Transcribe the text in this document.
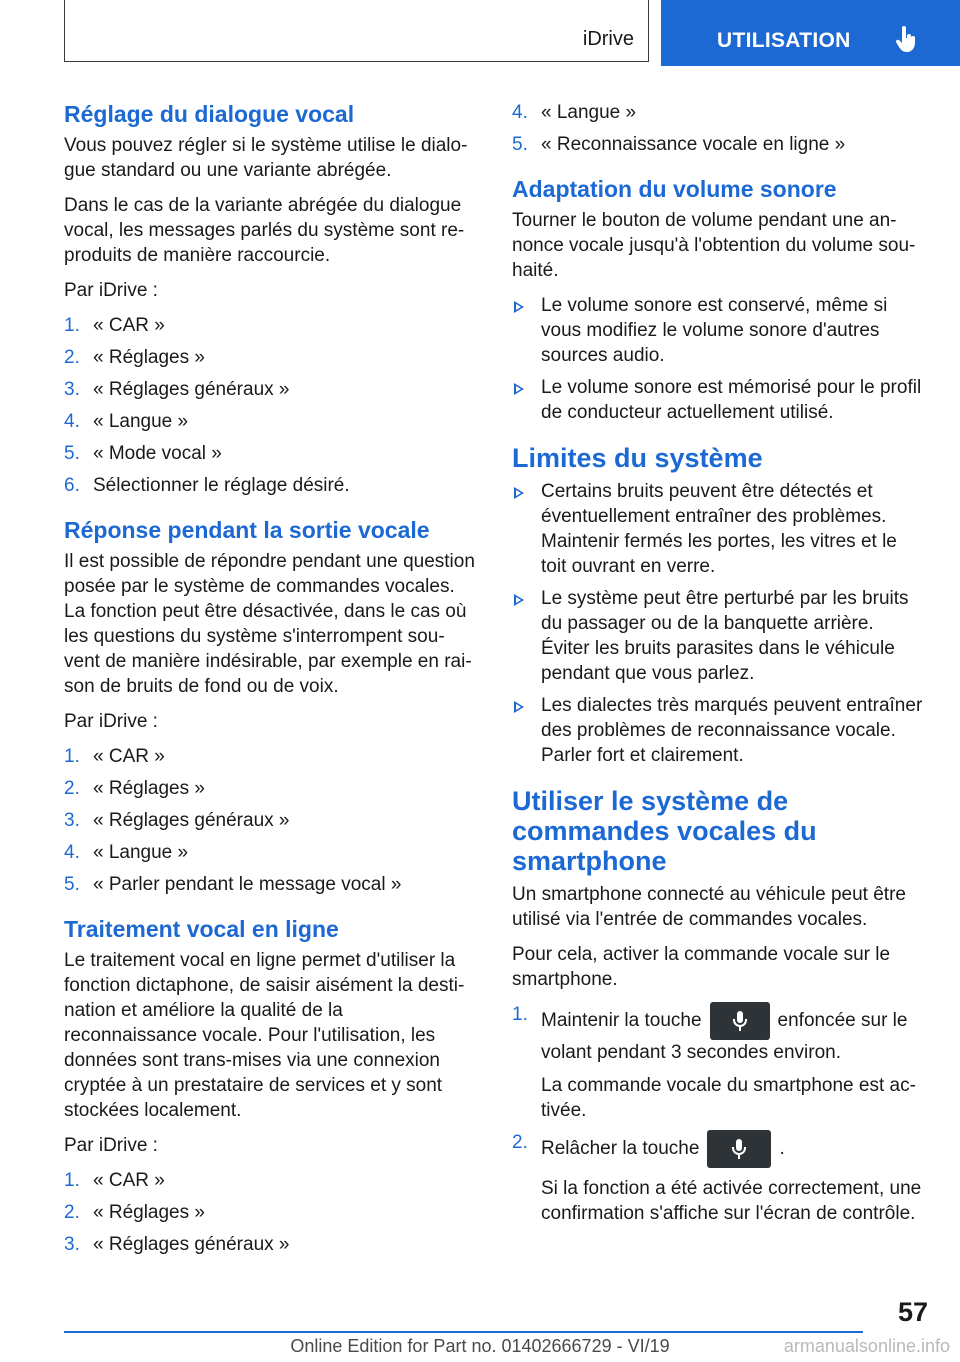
iDrive	UTILISATION
Réglage du dialogue vocal

Vous pouvez régler si le système utilise le dialo‐gue standard ou une variante abrégée.

Dans le cas de la variante abrégée du dialogue vocal, les messages parlés du système sont re‐produits de manière raccourcie.

Par iDrive :

1. « CAR »
2. « Réglages »
3. « Réglages généraux »
4. « Langue »
5. « Mode vocal »
6. Sélectionner le réglage désiré.
Réponse pendant la sortie vocale

Il est possible de répondre pendant une question posée par le système de commandes vocales. La fonction peut être désactivée, dans le cas où les questions du système s'interrompent sou‐vent de manière indésirable, par exemple en rai‐son de bruits de fond ou de voix.

Par iDrive :

1. « CAR »
2. « Réglages »
3. « Réglages généraux »
4. « Langue »
5. « Parler pendant le message vocal »
Traitement vocal en ligne

Le traitement vocal en ligne permet d'utiliser la fonction dictaphone, de saisir aisément la desti‐nation et améliore la qualité de la reconnaissance vocale. Pour l'utilisation, les données sont trans‐mises via une connexion cryptée à un prestataire de services et y sont stockées localement.

Par iDrive :

1. « CAR »
2. « Réglages »
3. « Réglages généraux »
4. « Langue »
5. « Reconnaissance vocale en ligne »
Adaptation du volume sonore

Tourner le bouton de volume pendant une an‐nonce vocale jusqu'à l'obtention du volume sou‐haité.

Le volume sonore est conservé, même si vous modifiez le volume sonore d'autres sources audio.
Le volume sonore est mémorisé pour le profil de conducteur actuellement utilisé.
Limites du système
Certains bruits peuvent être détectés et éventuellement entraîner des problèmes. Maintenir fermés les portes, les vitres et le toit ouvrant en verre.
Le système peut être perturbé par les bruits du passager ou de la banquette arrière. Éviter les bruits parasites dans le véhicule pendant que vous parlez.
Les dialectes très marqués peuvent entraîner des problèmes de reconnaissance vocale. Parler fort et clairement.
Utiliser le système de commandes vocales du smartphone

Un smartphone connecté au véhicule peut être utilisé via l'entrée de commandes vocales.

Pour cela, activer la commande vocale sur le smartphone.

1. Maintenir la touche	enfoncée sur le volant pendant 3 secondes environ.
La commande vocale du smartphone est ac‐tivée.
2. Relâcher la touche	.
Si la fonction a été activée correctement, une confirmation s'affiche sur l'écran de contrôle.
57
Online Edition for Part no. 01402666729 - VI/19	armanualsonline.info
